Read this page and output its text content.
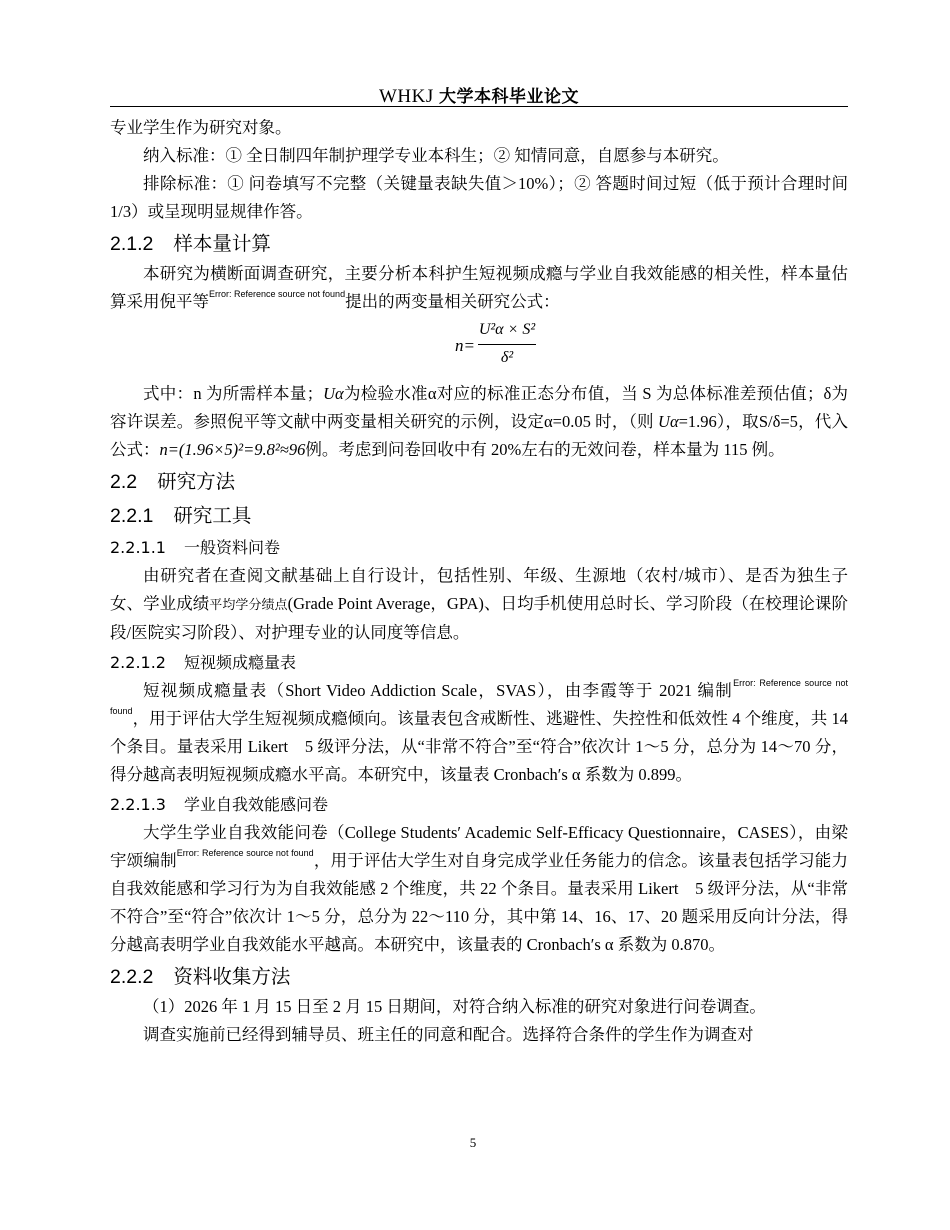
WHKJ 大学本科毕业论文

专业学生作为研究对象。

纳入标准：① 全日制四年制护理学专业本科生；② 知情同意，自愿参与本研究。

排除标准：① 问卷填写不完整（关键量表缺失值＞10%）；② 答题时间过短（低于预计合理时间 1/3）或呈现明显规律作答。

2.1.2 样本量计算

本研究为横断面调查研究，主要分析本科护生短视频成瘾与学业自我效能感的相关性，样本量估算采用倪平等$^{Error: Reference source not found}$提出的两变量相关研究公式：

$n= \frac{\text{U²α × S²}}{\text{δ²}}$

式中：n 为所需样本量；Uα为检验水准α对应的标准正态分布值，当 S 为总体标准差预估值；δ为容许误差。参照倪平等文献中两变量相关研究的示例，设定α=0.05 时，（则 Uα=1.96），取S/δ=5，代入公式：n=(1.96×5)²=9.8²≈96例。考虑到问卷回收中有 20%左右的无效问卷，样本量为 115 例。

2.2 研究方法
2.2.1 研究工具
2.2.1.1 一般资料问卷

由研究者在查阅文献基础上自行设计，包括性别、年级、生源地（农村/城市）、是否为独生子女、学业成绩平均学分绩点(Grade Point Average，GPA)、日均手机使用总时长、学习阶段（在校理论课阶段/医院实习阶段）、对护理专业的认同度等信息。

2.2.1.2 短视频成瘾量表

短视频成瘾量表（Short Video Addiction Scale，SVAS），由李霞等于 2021 编制$^{Error: Reference source not found}$，用于评估大学生短视频成瘾倾向。该量表包含戒断性、逃避性、失控性和低效性 4 个维度，共 14 个条目。量表采用 Likert　5 级评分法，从“非常不符合”至“符合”依次计 1～5 分，总分为 14～70 分，得分越高表明短视频成瘾水平高。本研究中，该量表 Cronbach′s α 系数为 0.899。

2.2.1.3 学业自我效能感问卷

大学生学业自我效能问卷（College Students′ Academic Self-Efficacy Questionnaire，CASES），由梁宇颂编制$^{Error: Reference source not found}$，用于评估大学生对自身完成学业任务能力的信念。该量表包括学习能力自我效能感和学习行为为自我效能感 2 个维度，共 22 个条目。量表采用 Likert　5 级评分法，从“非常不符合”至“符合”依次计 1～5 分，总分为 22～110 分，其中第 14、16、17、20 题采用反向计分法，得分越高表明学业自我效能水平越高。本研究中，该量表的 Cronbach′s α 系数为 0.870。

2.2.2 资料收集方法

（1）2026 年 1 月 15 日至 2 月 15 日期间，对符合纳入标准的研究对象进行问卷调查。

调查实施前已经得到辅导员、班主任的同意和配合。选择符合条件的学生作为调查对

5
